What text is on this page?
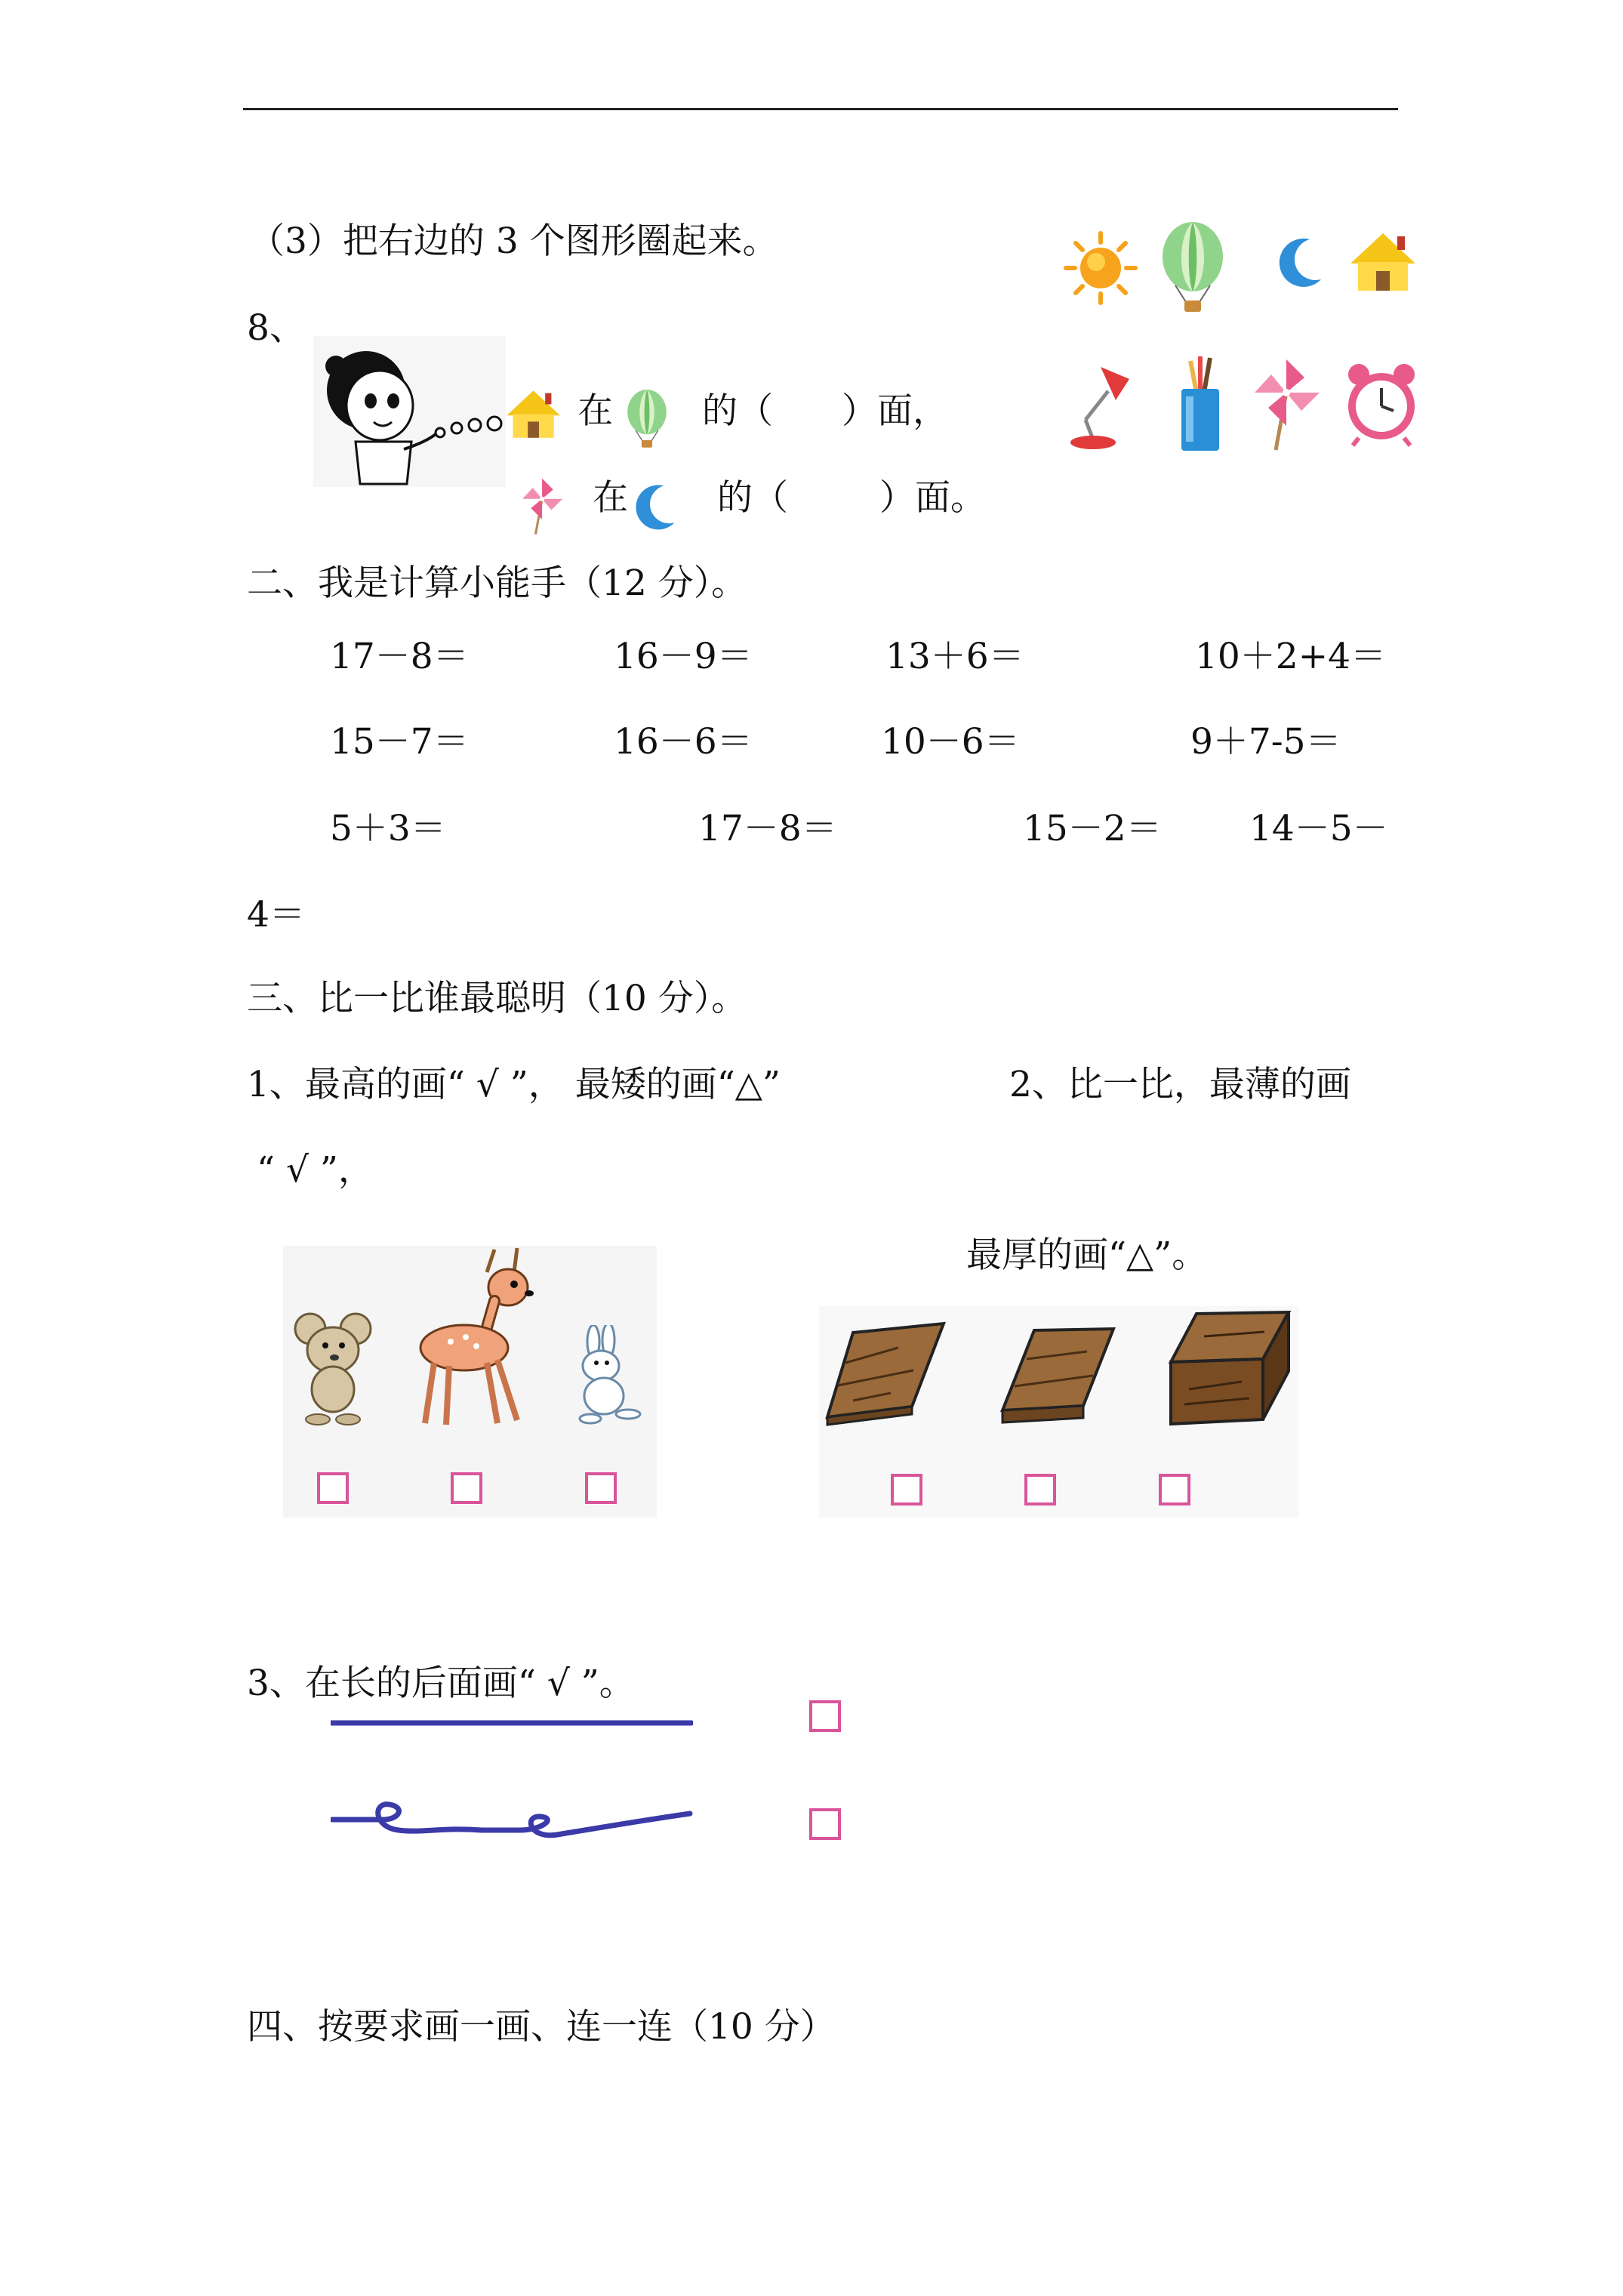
（3）把右边的 3 个图形圈起来。
8、
在	的（ ）面，
在	的（	）面。
二、我是计算小能手（12 分）。
17－8＝	16－9＝	13＋6＝	10＋2+4＝
15－7＝	16－6＝	10－6＝	9＋7-5＝
5＋3＝	17－8＝	15－2＝ 14－5－
4＝
三、比一比谁最聪明（10 分）。
1、最高的画“ √ ”， 最矮的画“△”	2、比一比，最薄的画
“ √ ”，
最厚的画“△”。
3、在长的后面画“ √ ”。
四、按要求画一画、连一连（10 分）
